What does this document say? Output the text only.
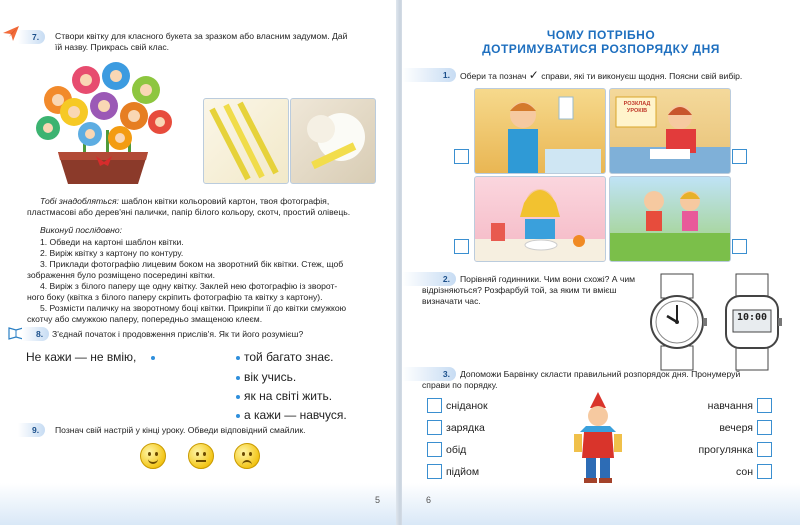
7.	Створи квітку для класного букета за зразком або власним задумом. Дай
їй назву. Прикрась свій клас.
Тобі знадобляться: шаблон квітки кольоровий картон, твоя фотографія,
пластмасові або дерев'яні палички, папір білого кольору, скотч, простий олівець.
Виконуй послідовно:
1. Обведи на картоні шаблон квітки.
2. Виріж квітку з картону по контуру.
3. Приклади фотографію лицевим боком на зворотний бік квітки. Стеж, щоб
зображення було розміщено посередині квітки.
4. Виріж з білого паперу ще одну квітку. Заклей нею фотографію із зворот-
ного боку (квітка з білого паперу скріпить фотографію та квітку з картону).
5. Розмісти паличку на зворотному боці квітки. Прикріпи її до квітки смужкою
скотчу або смужкою паперу, попередньо змащеною клеєм.
8.	З'єднай початок і продовження прислів'я. Як ти його розумієш?
Не кажи — не вмію,	той багато знає.
вік учись.
як на світі жить.
а кажи — навчуся.
9.	Познач свій настрій у кінці уроку. Обведи відповідний смайлик.
5
ЧОМУ ПОТРІБНО
ДОТРИМУВАТИСЯ РОЗПОРЯДКУ ДНЯ
1.	Обери та познач ✓ справи, які ти виконуєш щодня. Поясни свій вибір.
РОЗКЛАД УРОКІВ
2.	Порівняй годинники. Чим вони схожі? А чим
відрізняються? Розфарбуй той, за яким ти вмієш
визначати час.
10:00
3.	Допоможи Барвінку скласти правильний розпорядок дня. Пронумеруй
справи по порядку.
сніданок
зарядка
обід
підйом
навчання
вечеря
прогулянка
сон
6
